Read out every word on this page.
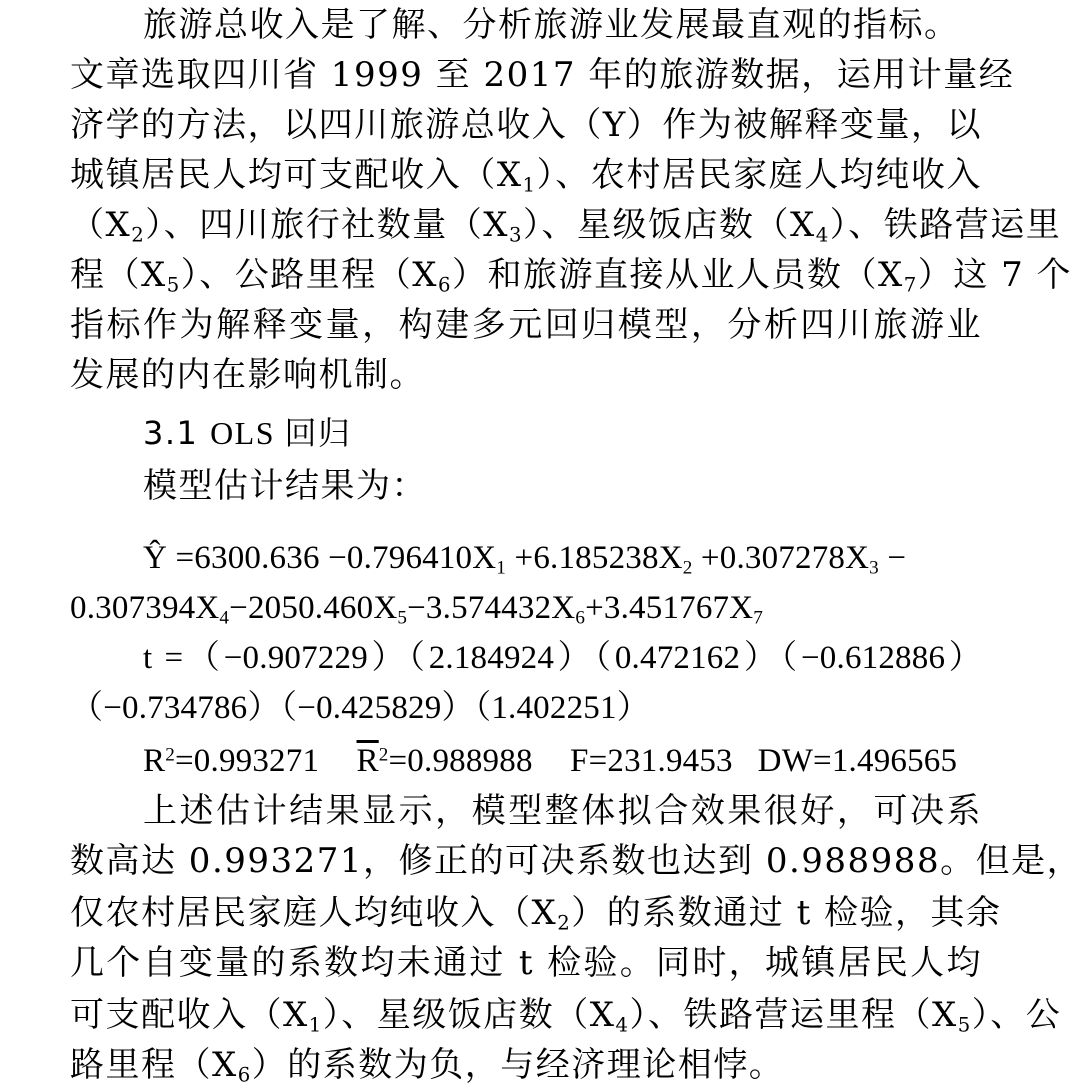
旅游总收入是了解、分析旅游业发展最直观的指标。
文章选取四川省 1999 至 2017 年的旅游数据，运用计量经
济学的方法，以四川旅游总收入（Y）作为被解释变量，以
城镇居民人均可支配收入$(X_1)$、农村居民家庭人均纯收入
$(X_2)$、四川旅行社数量$(X_3)$、星级饭店数$(X_4)$、铁路营运里
程$(X_5)$、公路里程$(X_6)$和旅游直接从业人员数$(X_7)$这 7 个
指标作为解释变量，构建多元回归模型，分析四川旅游业
发展的内在影响机制。
3.1 OLS 回归
模型估计结果为：
Ŷ $=6300.636 -0.796410X_1 +6.185238X_2 +0.307278X_3$ −
$0.307394X_4-2050.460X_5-3.574432X_6+3.451767X_7$
t =（−0.907229）（2.184924）（0.472162）（−0.612886）
（−0.734786）（−0.425829）（1.402251）
$R^2=0.993271$ $\overline{R}^2=0.988988$ F=231.9453 DW=1.496565
上述估计结果显示，模型整体拟合效果很好，可决系
数高达 0.993271，修正的可决系数也达到 0.988988。但是，
仅农村居民家庭人均纯收入$(X_2)$的系数通过 t 检验，其余
几个自变量的系数均未通过 t 检验。同时，城镇居民人均
可支配收入$(X_1)$、星级饭店数$(X_4)$、铁路营运里程$(X_5)$、公
路里程$(X_6)$的系数为负，与经济理论相悖。
